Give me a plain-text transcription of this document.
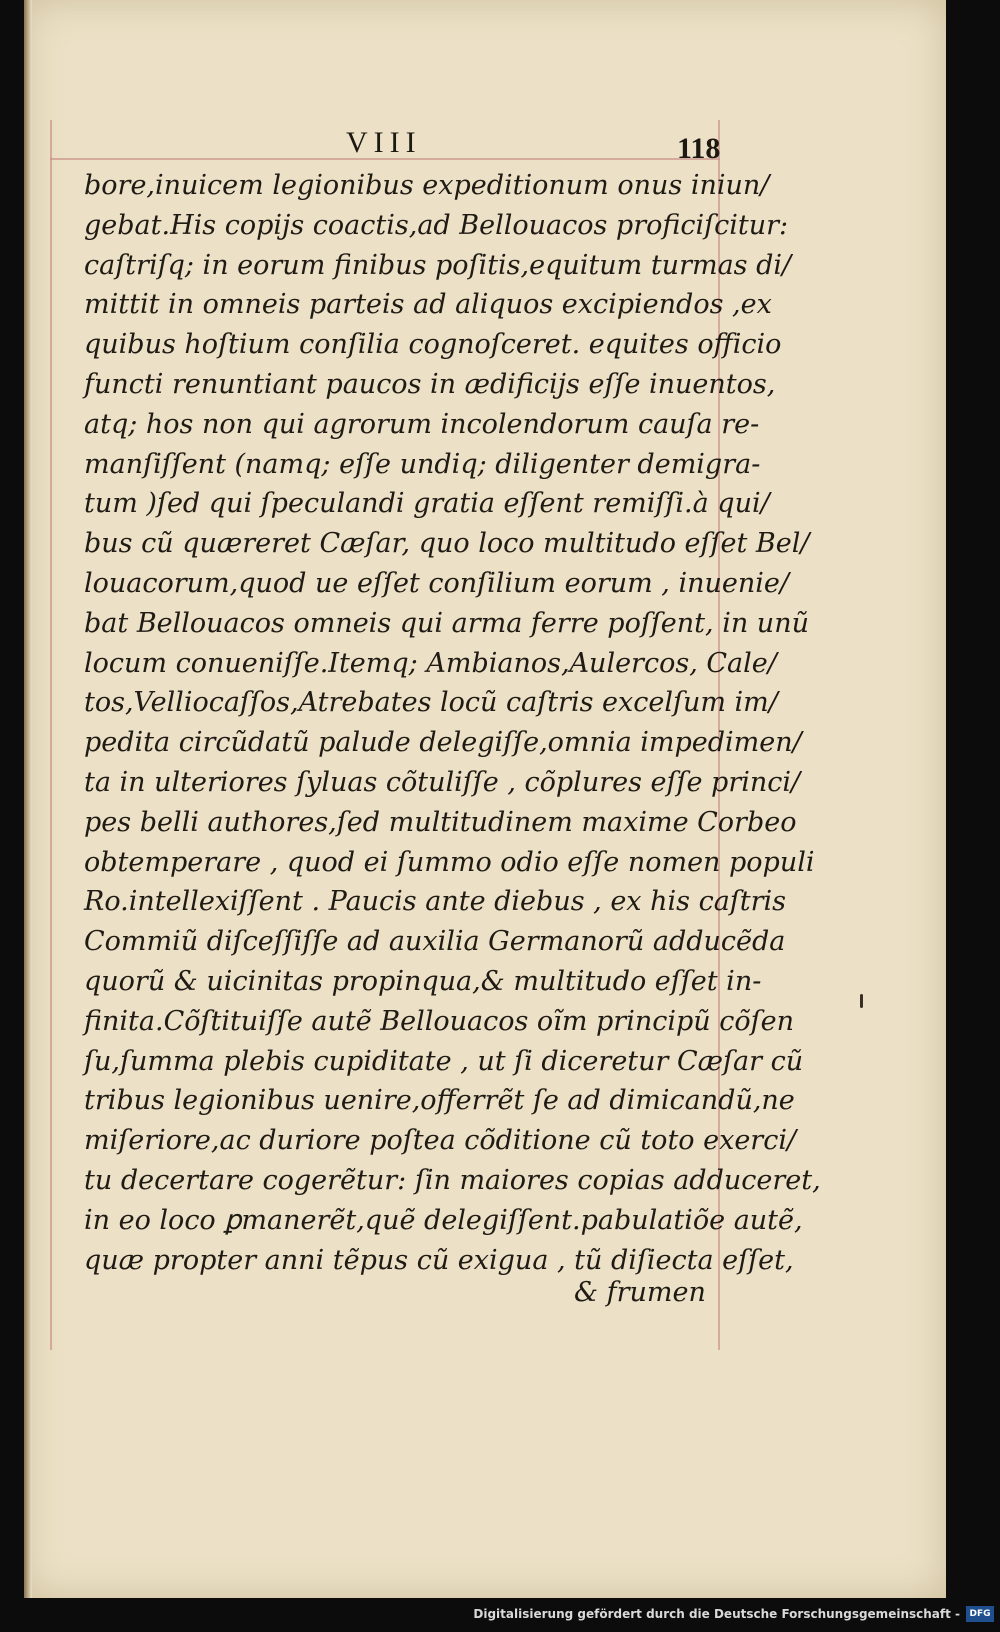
VIII	118
bore,inuicem legionibus expeditionum onus iniun/
gebat.His copijs coactis,ad Bellouacos proficiſcitur:
caſtriſq; in eorum finibus poſitis,equitum turmas di/
mittit in omneis parteis ad aliquos excipiendos ,ex
quibus hoſtium conſilia cognoſceret. equites officio
functi renuntiant paucos in ædificijs eſſe inuentos,
atq; hos non qui agrorum incolendorum cauſa re-
manſiſſent (namq; eſſe undiq; diligenter demigra-
tum )ſed qui ſpeculandi gratia eſſent remiſſi.à qui/
bus cũ quæreret Cæſar, quo loco multitudo eſſet Bel/
louacorum,quod ue eſſet conſilium eorum , inuenie/
bat Bellouacos omneis qui arma ferre poſſent, in unũ
locum conueniſſe.Itemq; Ambianos,Aulercos, Cale/
tos,Velliocaſſos,Atrebates locũ caſtris excelſum im/
pedita circũdatũ palude delegiſſe,omnia impedimen/
ta in ulteriores ſyluas cõtuliſſe , cõplures eſſe princi/
pes belli authores,ſed multitudinem maxime Corbeo
obtemperare , quod ei ſummo odio eſſe nomen populi
Ro.intellexiſſent . Paucis ante diebus , ex his caſtris
Commiũ diſceſſiſſe ad auxilia Germanorũ adducẽda
quorũ & uicinitas propinqua,& multitudo eſſet in-
finita.Cõſtituiſſe autẽ Bellouacos oĩm principũ cõſen
ſu,ſumma plebis cupiditate , ut ſi diceretur Cæſar cũ
tribus legionibus uenire,offerrẽt ſe ad dimicandũ,ne
miſeriore,ac duriore poſtea cõditione cũ toto exerci/
tu decertare cogerẽtur: ſin maiores copias adduceret,
in eo loco ꝑmanerẽt,quẽ delegiſſent.pabulatiõe autẽ,
quæ propter anni tẽpus cũ exigua , tũ diſiecta eſſet,
& frumen
Digitalisierung gefördert durch die Deutsche Forschungsgemeinschaft -	DFG
